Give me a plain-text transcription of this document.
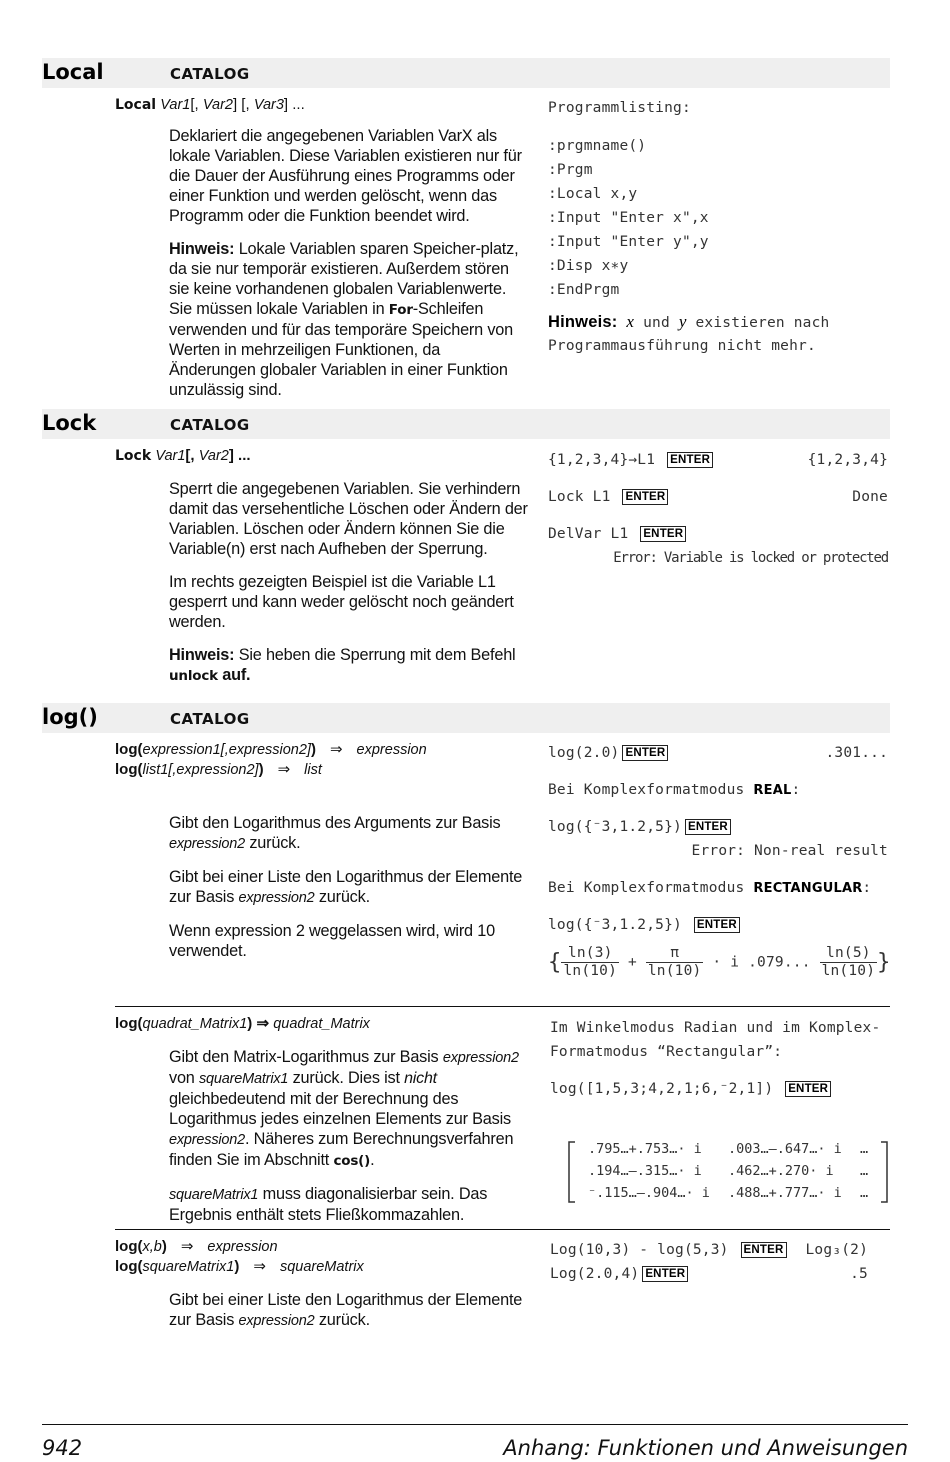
Local	CATALOG
Local Var1[, Var2] [, Var3] ...

Deklariert die angegebenen Variablen VarX als lokale Variablen. Diese Variablen existieren nur für die Dauer der Ausführung eines Programms oder einer Funktion und werden gelöscht, wenn das Programm oder die Funktion beendet wird.

Hinweis: Lokale Variablen sparen Speicher-platz, da sie nur temporär existieren. Außerdem stören sie keine vorhandenen globalen Variablenwerte. Sie müssen lokale Variablen in For-Schleifen verwenden und für das temporäre Speichern von Werten in mehrzeiligen Funktionen, da Änderungen globaler Variablen in einer Funktion unzulässig sind.

Programmlisting:
:prgmname()
:Prgm
:Local x,y
:Input "Enter x",x
:Input "Enter y",y
:Disp x∗y
:EndPrgm
Hinweis: x und y existieren nach
Programmausführung nicht mehr.
Lock	CATALOG
Lock Var1[, Var2] ...

Sperrt die angegebenen Variablen. Sie verhindern damit das versehentliche Löschen oder Ändern der Variablen. Löschen oder Ändern können Sie die Variable(n) erst nach Aufheben der Sperrung.

Im rechts gezeigten Beispiel ist die Variable L1 gesperrt und kann weder gelöscht noch geändert werden.

Hinweis: Sie heben die Sperrung mit dem Befehl unlock auf.

{1,2,3,4}→L1 ENTER	{1,2,3,4}
Lock L1 ENTER	Done
DelVar L1 ENTER
Error: Variable is locked or protected
log()	CATALOG
log(expression1[,expression2]) ⇒ expression
log(list1[,expression2]) ⇒ list

Gibt den Logarithmus des Arguments zur Basis expression2 zurück.

Gibt bei einer Liste den Logarithmus der Elemente zur Basis expression2 zurück.

Wenn expression 2 weggelassen wird, wird 10 verwendet.

log(2.0) ENTER	.301...
Bei Komplexformatmodus REAL:
log({⁻3,1.2,5}) ENTER
Error: Non-real result
Bei Komplexformatmodus RECTANGULAR:
log({⁻3,1.2,5}) ENTER
{ $\frac{\ln(3)}{\ln(10)} + \frac{\pi}{\ln(10)} \cdot i$ .079... $\frac{\ln(5)}{\ln(10)}$ }
log(quadrat_Matrix1) ⇒ quadrat_Matrix

Gibt den Matrix-Logarithmus zur Basis expression2 von squareMatrix1 zurück. Dies ist nicht gleichbedeutend mit der Berechnung des Logarithmus jedes einzelnen Elements zur Basis expression2. Näheres zum Berechnungsverfahren finden Sie im Abschnitt cos().

squareMatrix1 muss diagonalisierbar sein. Das Ergebnis enthält stets Fließkommazahlen.

Im Winkelmodus Radian und im Komplex-
Formatmodus “Rectangular”:
log([1,5,3;4,2,1;6,⁻2,1]) ENTER
.795…+.753…· i .003…–.647…· i …
.194…–.315…· i .462…+.270· i …
⁻.115…–.904…· i .488…+.777…· i …
log(x,b) ⇒ expression
log(squareMatrix1) ⇒ squareMatrix

Gibt bei einer Liste den Logarithmus der Elemente zur Basis expression2 zurück.

Log(10,3) - log(5,3) ENTER Log₃(2)
Log(2.0,4) ENTER	.5
942	Anhang: Funktionen und Anweisungen
